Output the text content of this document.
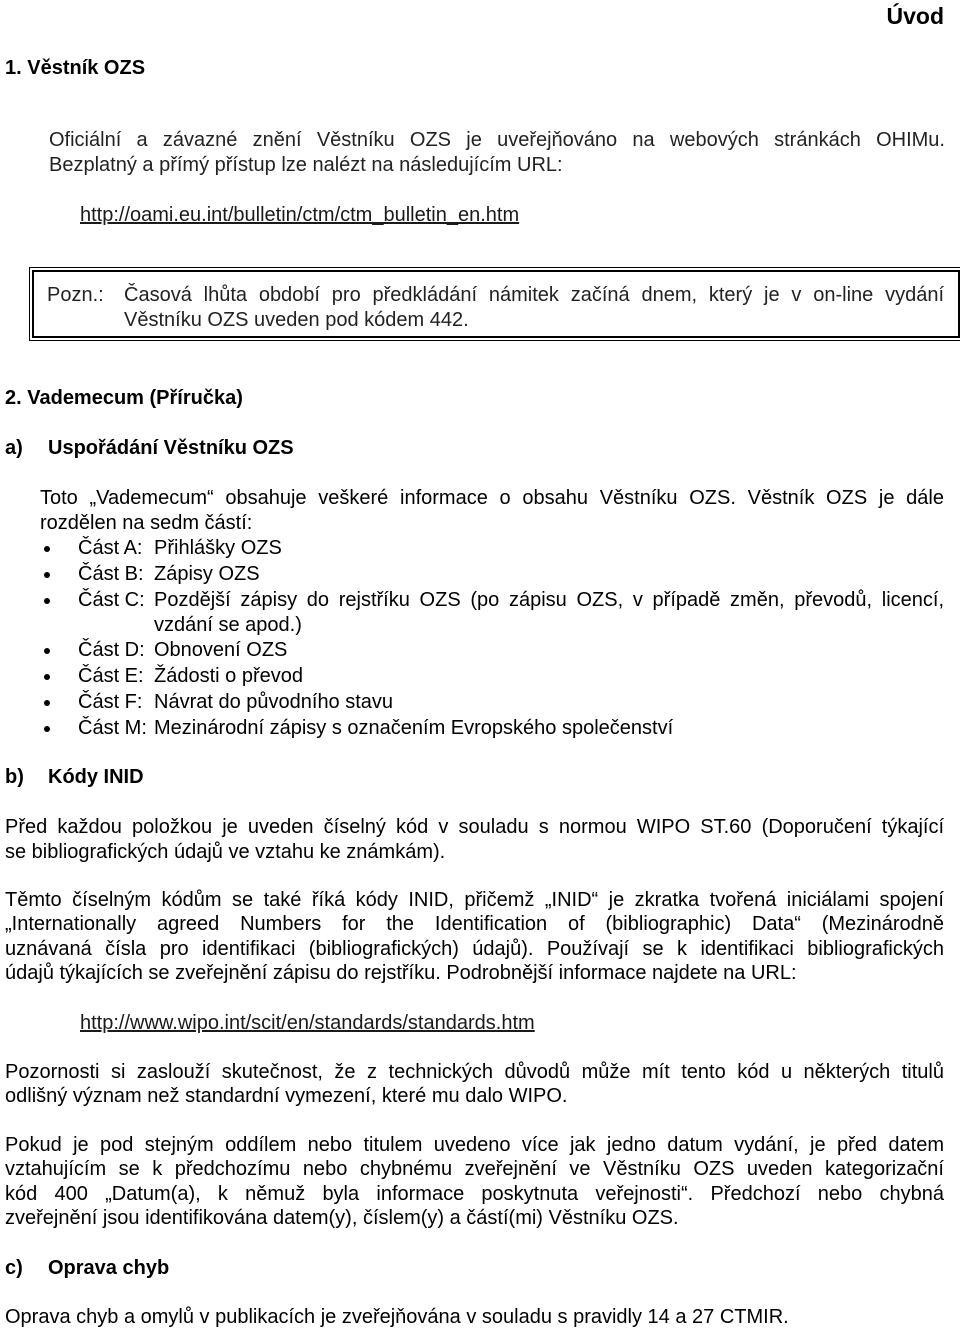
Úvod
1. Věstník OZS
Oficiální a závazné znění Věstníku OZS je uveřejňováno na webových stránkách OHIMu.
Bezplatný a přímý přístup lze nalézt na následujícím URL:
http://oami.eu.int/bulletin/ctm/ctm_bulletin_en.htm
Pozn.: Časová lhůta období pro předkládání námitek začíná dnem, který je v on-line vydání
Věstníku OZS uveden pod kódem 442.
2. Vademecum (Příručka)
a) Uspořádání Věstníku OZS
Toto „Vademecum“ obsahuje veškeré informace o obsahu Věstníku OZS. Věstník OZS je dále
rozdělen na sedm částí:
Část A: Přihlášky OZS
Část B: Zápisy OZS
Část C: Pozdější zápisy do rejstříku OZS (po zápisu OZS, v případě změn, převodů, licencí,
vzdání se apod.)
Část D: Obnovení OZS
Část E: Žádosti o převod
Část F: Návrat do původního stavu
Část M: Mezinárodní zápisy s označením Evropského společenství
b) Kódy INID
Před každou položkou je uveden číselný kód v souladu s normou WIPO ST.60 (Doporučení týkající
se bibliografických údajů ve vztahu ke známkám).
Těmto číselným kódům se také říká kódy INID, přičemž „INID“ je zkratka tvořená iniciálami spojení
„Internationally agreed Numbers for the Identification of (bibliographic) Data“ (Mezinárodně
uznávaná čísla pro identifikaci (bibliografických) údajů). Používají se k identifikaci bibliografických
údajů týkajících se zveřejnění zápisu do rejstříku. Podrobnější informace najdete na URL:
http://www.wipo.int/scit/en/standards/standards.htm
Pozornosti si zaslouží skutečnost, že z technických důvodů může mít tento kód u některých titulů
odlišný význam než standardní vymezení, které mu dalo WIPO.
Pokud je pod stejným oddílem nebo titulem uvedeno více jak jedno datum vydání, je před datem
vztahujícím se k předchozímu nebo chybnému zveřejnění ve Věstníku OZS uveden kategorizační
kód 400 „Datum(a), k němuž byla informace poskytnuta veřejnosti“. Předchozí nebo chybná
zveřejnění jsou identifikována datem(y), číslem(y) a částí(mi) Věstníku OZS.
c) Oprava chyb
Oprava chyb a omylů v publikacích je zveřejňována v souladu s pravidly 14 a 27 CTMIR.
